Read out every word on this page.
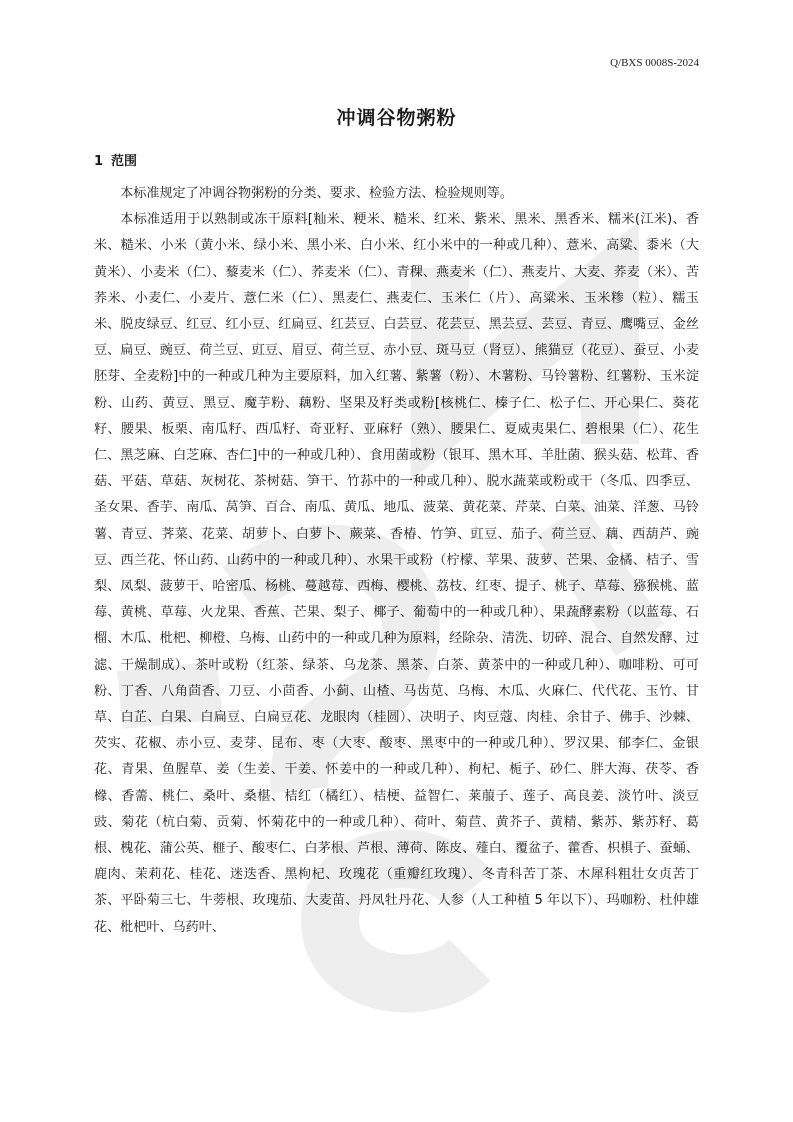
Q/BXS 0008S-2024
冲调谷物粥粉
1 范围

本标准规定了冲调谷物粥粉的分类、要求、检验方法、检验规则等。

本标准适用于以熟制或冻干原料[籼米、粳米、糙米、红米、紫米、黑米、黑香米、糯米(江米)、香米、糙米、小米（黄小米、绿小米、黑小米、白小米、红小米中的一种或几种）、薏米、高粱、黍米（大黄米）、小麦米（仁）、藜麦米（仁）、荞麦米（仁）、青稞、燕麦米（仁）、燕麦片、大麦、荞麦（米）、苦荞米、小麦仁、小麦片、薏仁米（仁）、黑麦仁、燕麦仁、玉米仁（片）、高粱米、玉米糁（粒）、糯玉米、脱皮绿豆、红豆、红小豆、红扁豆、红芸豆、白芸豆、花芸豆、黑芸豆、芸豆、青豆、鹰嘴豆、金丝豆、扁豆、豌豆、荷兰豆、豇豆、眉豆、荷兰豆、赤小豆、斑马豆（肾豆）、熊猫豆（花豆）、蚕豆、小麦胚芽、全麦粉]中的一种或几种为主要原料，加入红薯、紫薯（粉）、木薯粉、马铃薯粉、红薯粉、玉米淀粉、山药、黄豆、黑豆、魔芋粉、藕粉、坚果及籽类或粉[核桃仁、榛子仁、松子仁、开心果仁、葵花籽、腰果、板栗、南瓜籽、西瓜籽、奇亚籽、亚麻籽（熟）、腰果仁、夏威夷果仁、碧根果（仁）、花生仁、黑芝麻、白芝麻、杏仁]中的一种或几种）、食用菌或粉（银耳、黑木耳、羊肚菌、猴头菇、松茸、香菇、平菇、草菇、灰树花、茶树菇、笋干、竹荪中的一种或几种）、脱水蔬菜或粉或干（冬瓜、四季豆、圣女果、香芋、南瓜、莴笋、百合、南瓜、黄瓜、地瓜、菠菜、黄花菜、芹菜、白菜、油菜、洋葱、马铃薯、青豆、荠菜、花菜、胡萝卜、白萝卜、蕨菜、香椿、竹笋、豇豆、茄子、荷兰豆、藕、西葫芦、豌豆、西兰花、怀山药、山药中的一种或几种）、水果干或粉（柠檬、苹果、菠萝、芒果、金橘、桔子、雪梨、凤梨、菠萝干、哈密瓜、杨桃、蔓越莓、西梅、樱桃、荔枝、红枣、提子、桃子、草莓、猕猴桃、蓝莓、黄桃、草莓、火龙果、香蕉、芒果、梨子、椰子、葡萄中的一种或几种）、果蔬酵素粉（以蓝莓、石榴、木瓜、枇杷、柳橙、乌梅、山药中的一种或几种为原料，经除杂、清洗、切碎、混合、自然发酵、过滤、干燥制成）、茶叶或粉（红茶、绿茶、乌龙茶、黑茶、白茶、黄茶中的一种或几种）、咖啡粉、可可粉、丁香、八角茴香、刀豆、小茴香、小蓟、山楂、马齿苋、乌梅、木瓜、火麻仁、代代花、玉竹、甘草、白芷、白果、白扁豆、白扁豆花、龙眼肉（桂圆）、决明子、肉豆蔻、肉桂、余甘子、佛手、沙棘、芡实、花椒、赤小豆、麦芽、昆布、枣（大枣、酸枣、黑枣中的一种或几种）、罗汉果、郁李仁、金银花、青果、鱼腥草、姜（生姜、干姜、怀姜中的一种或几种）、枸杞、栀子、砂仁、胖大海、茯苓、香橼、香薷、桃仁、桑叶、桑椹、桔红（橘红）、桔梗、益智仁、莱菔子、莲子、高良姜、淡竹叶、淡豆豉、菊花（杭白菊、贡菊、怀菊花中的一种或几种）、荷叶、菊苣、黄芥子、黄精、紫苏、紫苏籽、葛根、槐花、蒲公英、榧子、酸枣仁、白茅根、芦根、薄荷、陈皮、薤白、覆盆子、藿香、枳椇子、蚕蛹、鹿肉、茉莉花、桂花、迷迭香、黑枸杞、玫瑰花（重瓣红玫瑰）、冬青科苦丁茶、木犀科粗壮女贞苦丁茶、平卧菊三七、牛蒡根、玫瑰茄、大麦苗、丹凤牡丹花、人参（人工种植 5 年以下）、玛咖粉、杜仲雄花、枇杷叶、乌药叶、
